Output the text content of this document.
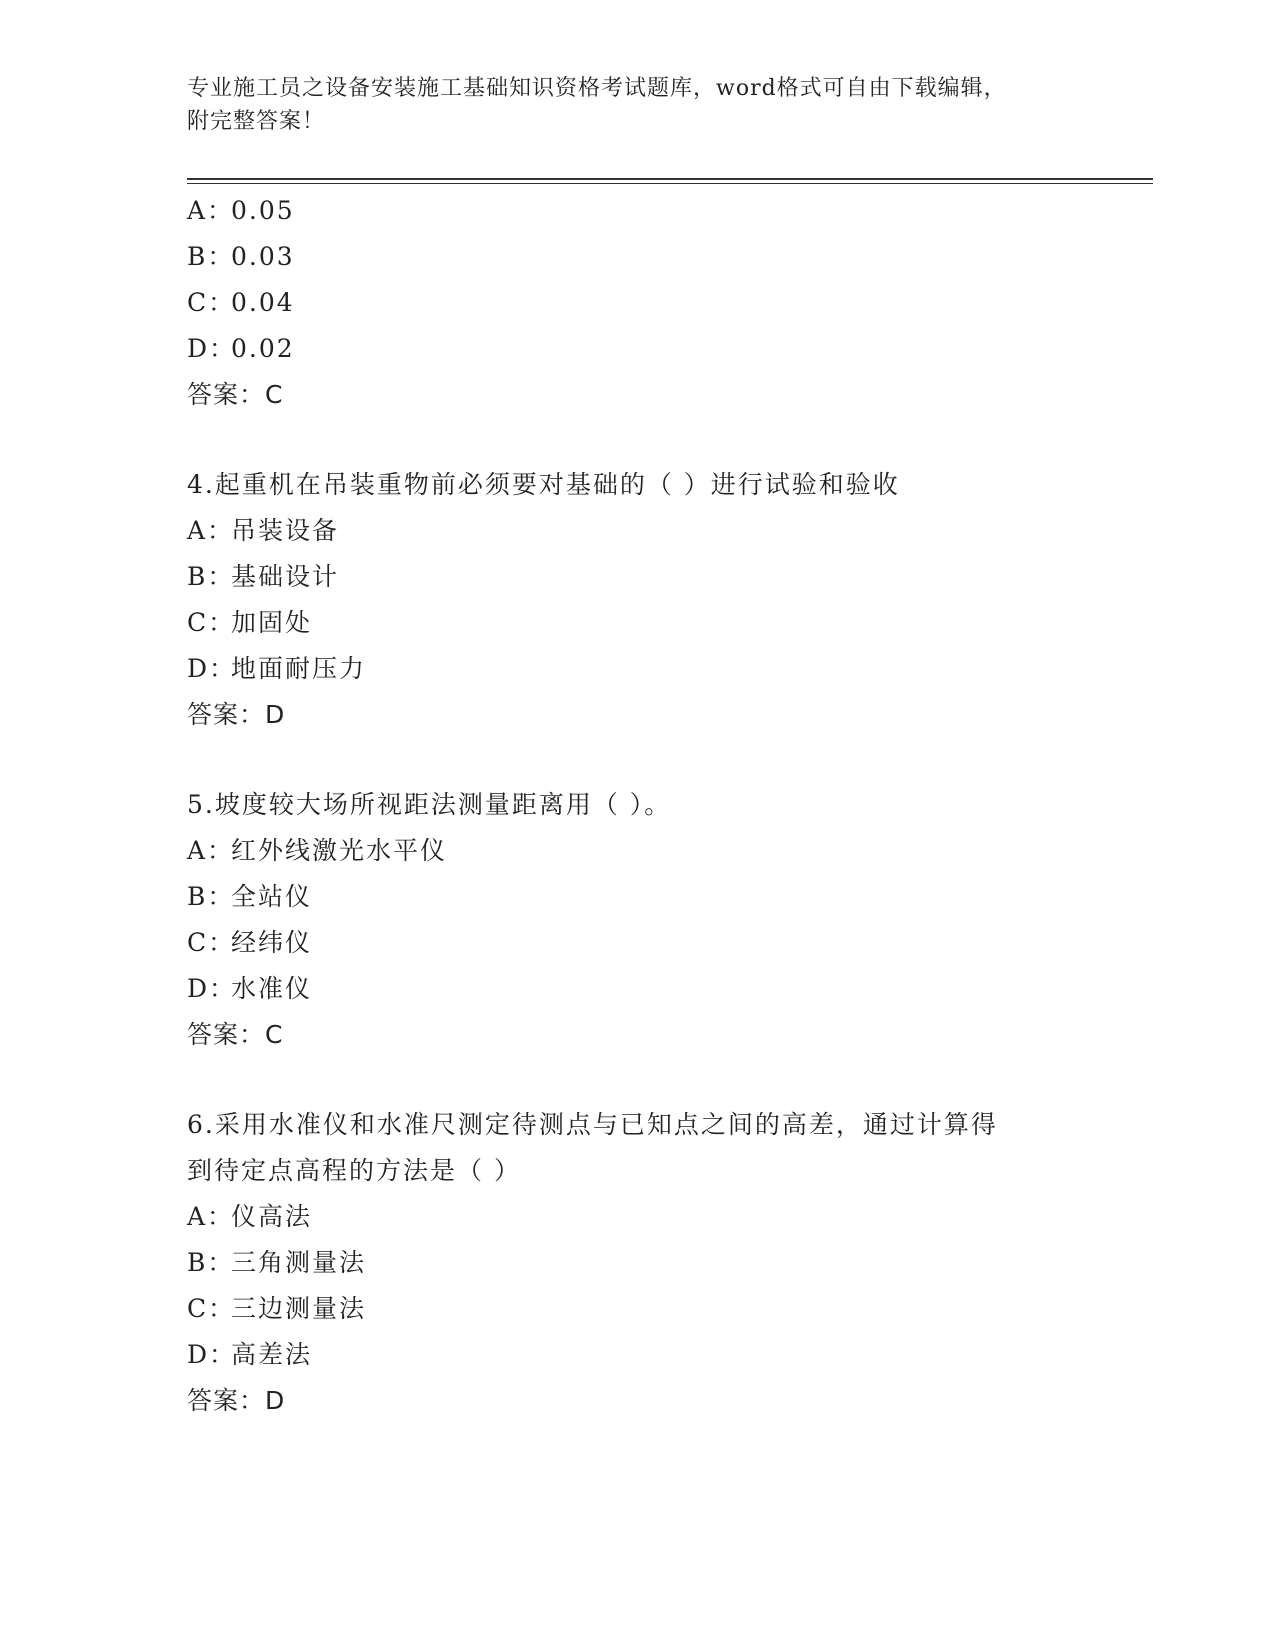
专业施工员之设备安装施工基础知识资格考试题库，word格式可自由下载编辑，
附完整答案！
A：0.05
B：0.03
C：0.04
D：0.02
答案：C
4.起重机在吊装重物前必须要对基础的（ ）进行试验和验收
A：吊装设备
B：基础设计
C：加固处
D：地面耐压力
答案：D
5.坡度较大场所视距法测量距离用（ ）。
A：红外线激光水平仪
B：全站仪
C：经纬仪
D：水准仪
答案：C
6.采用水准仪和水准尺测定待测点与已知点之间的高差，通过计算得
到待定点高程的方法是（ ）
A：仪高法
B：三角测量法
C：三边测量法
D：高差法
答案：D
